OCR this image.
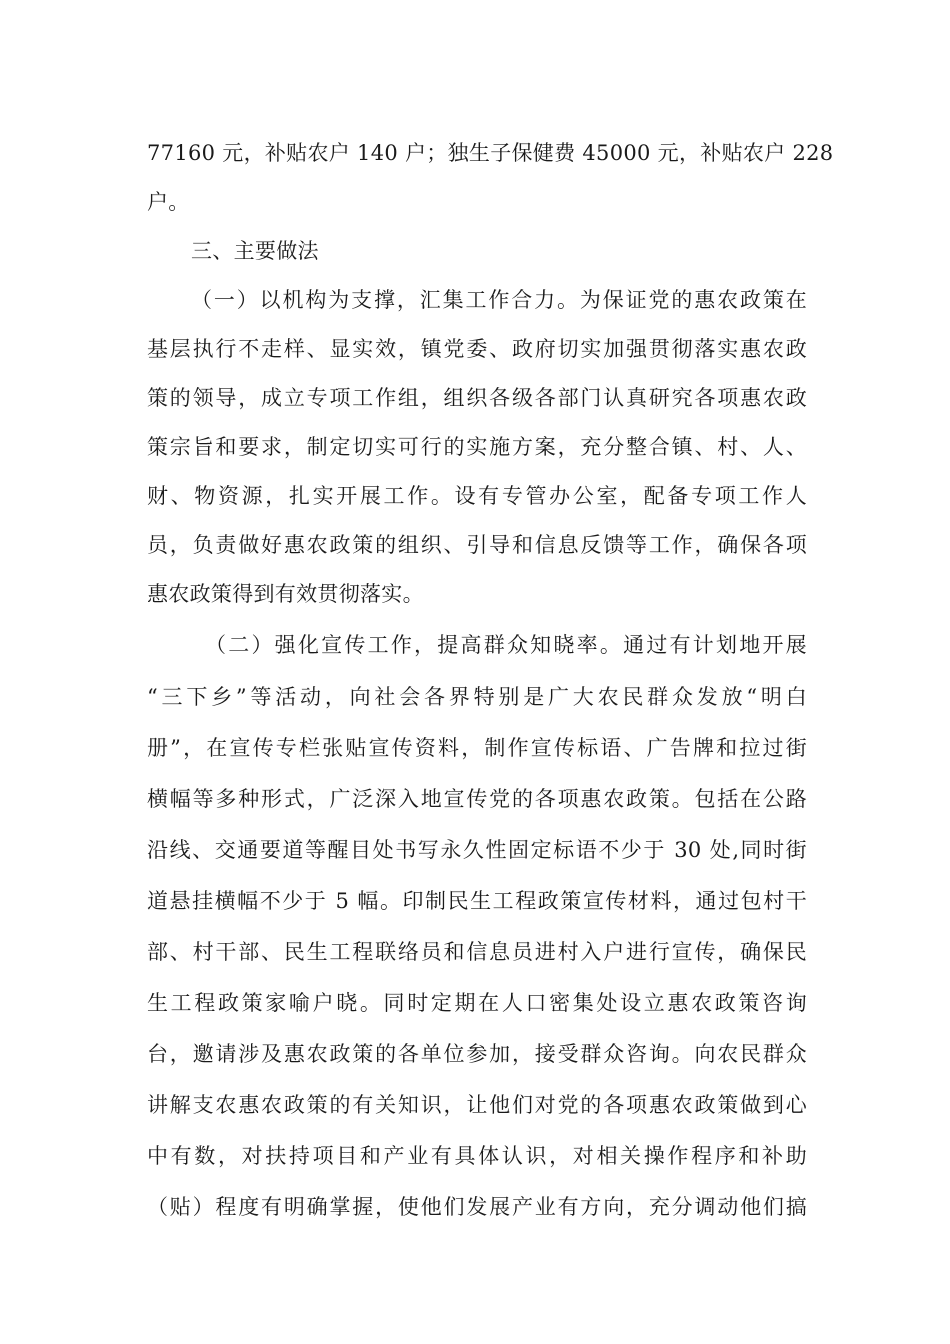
77160 元，补贴农户 140 户；独生子保健费 45000 元，补贴农户 228
户。
三、主要做法
（一）以机构为支撑，汇集工作合力。为保证党的惠农政策在
基层执行不走样、显实效，镇党委、政府切实加强贯彻落实惠农政
策的领导，成立专项工作组，组织各级各部门认真研究各项惠农政
策宗旨和要求，制定切实可行的实施方案，充分整合镇、村、人、
财、物资源，扎实开展工作。设有专管办公室，配备专项工作人
员，负责做好惠农政策的组织、引导和信息反馈等工作，确保各项
惠农政策得到有效贯彻落实。
（二）强化宣传工作，提高群众知晓率。通过有计划地开展
“三下乡”等活动，向社会各界特别是广大农民群众发放“明白
册”，在宣传专栏张贴宣传资料，制作宣传标语、广告牌和拉过街
横幅等多种形式，广泛深入地宣传党的各项惠农政策。包括在公路
沿线、交通要道等醒目处书写永久性固定标语不少于 30 处,同时街
道悬挂横幅不少于 5 幅。印制民生工程政策宣传材料，通过包村干
部、村干部、民生工程联络员和信息员进村入户进行宣传，确保民
生工程政策家喻户晓。同时定期在人口密集处设立惠农政策咨询
台，邀请涉及惠农政策的各单位参加，接受群众咨询。向农民群众
讲解支农惠农政策的有关知识，让他们对党的各项惠农政策做到心
中有数，对扶持项目和产业有具体认识，对相关操作程序和补助
（贴）程度有明确掌握，使他们发展产业有方向，充分调动他们搞
